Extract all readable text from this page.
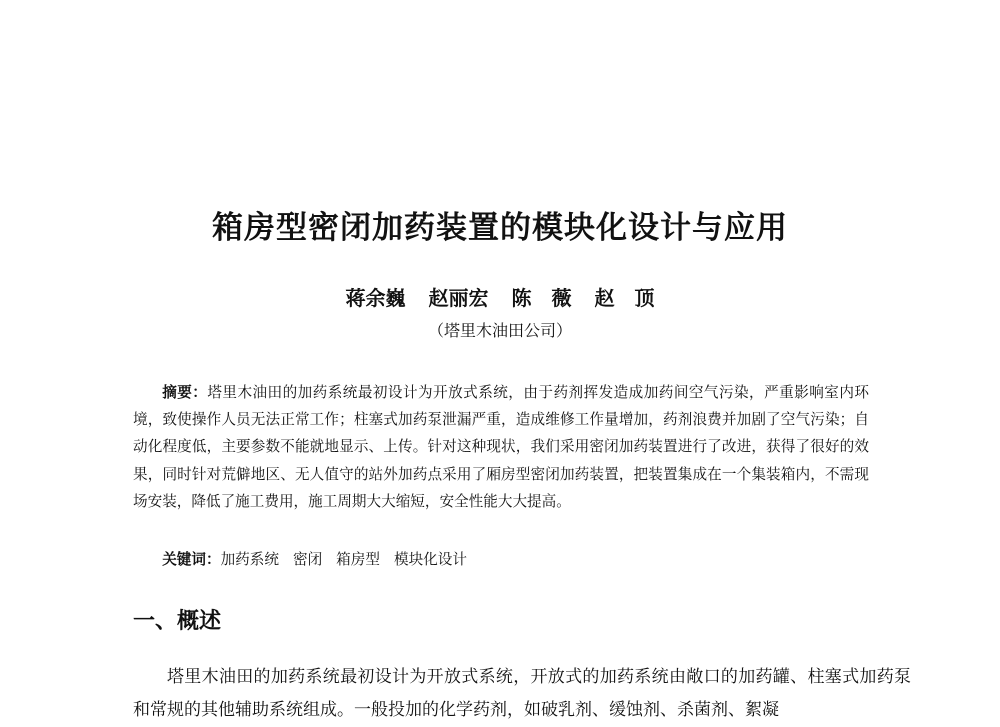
箱房型密闭加药装置的模块化设计与应用
蒋余巍 赵丽宏 陈　薇 赵　顶
（塔里木油田公司）

摘要：塔里木油田的加药系统最初设计为开放式系统，由于药剂挥发造成加药间空气污染，严重影响室内环境，致使操作人员无法正常工作；柱塞式加药泵泄漏严重，造成维修工作量增加，药剂浪费并加剧了空气污染；自动化程度低，主要参数不能就地显示、上传。针对这种现状，我们采用密闭加药装置进行了改进，获得了很好的效果，同时针对荒僻地区、无人值守的站外加药点采用了厢房型密闭加药装置，把装置集成在一个集装箱内，不需现场安装，降低了施工费用，施工周期大大缩短，安全性能大大提高。

关键词：加药系统 密闭 箱房型 模块化设计
一、概述

塔里木油田的加药系统最初设计为开放式系统，开放式的加药系统由敞口的加药罐、柱塞式加药泵和常规的其他辅助系统组成。一般投加的化学药剂，如破乳剂、缓蚀剂、杀菌剂、絮凝
